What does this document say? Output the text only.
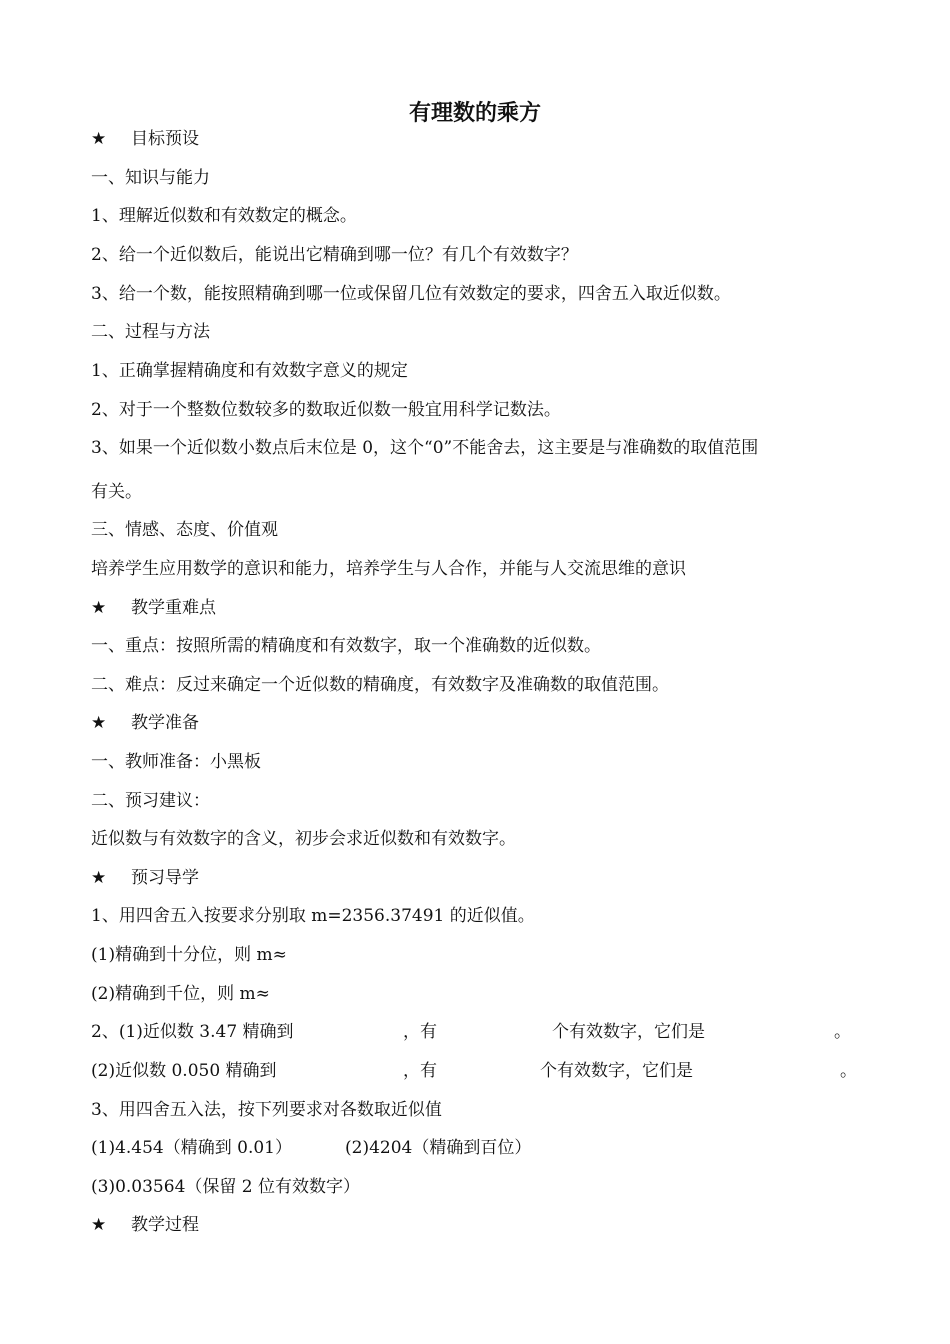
有理数的乘方
★ 目标预设
一、知识与能力
1、理解近似数和有效数定的概念。
2、给一个近似数后，能说出它精确到哪一位？有几个有效数字？
3、给一个数，能按照精确到哪一位或保留几位有效数定的要求，四舍五入取近似数。
二、过程与方法
1、正确掌握精确度和有效数字意义的规定
2、对于一个整数位数较多的数取近似数一般宜用科学记数法。
3、如果一个近似数小数点后末位是 0，这个“0”不能舍去，这主要是与准确数的取值范围
有关。
三、情感、态度、价值观
培养学生应用数学的意识和能力，培养学生与人合作，并能与人交流思维的意识
★ 教学重难点
一、重点：按照所需的精确度和有效数字，取一个准确数的近似数。
二、难点：反过来确定一个近似数的精确度，有效数字及准确数的取值范围。
★ 教学准备
一、教师准备：小黑板
二、预习建议：
近似数与有效数字的含义，初步会求近似数和有效数字。
★ 预习导学
1、用四舍五入按要求分别取 m=2356.37491 的近似值。
(1)精确到十分位，则 m≈
(2)精确到千位，则 m≈
2、(1)近似数 3.47 精确到	，有	个有效数字，它们是	。
(2)近似数 0.050 精确到	，有	个有效数字，它们是	。
3、用四舍五入法，按下列要求对各数取近似值
(1)4.454（精确到 0.01）	(2)4204（精确到百位）
(3)0.03564（保留 2 位有效数字）
★ 教学过程
